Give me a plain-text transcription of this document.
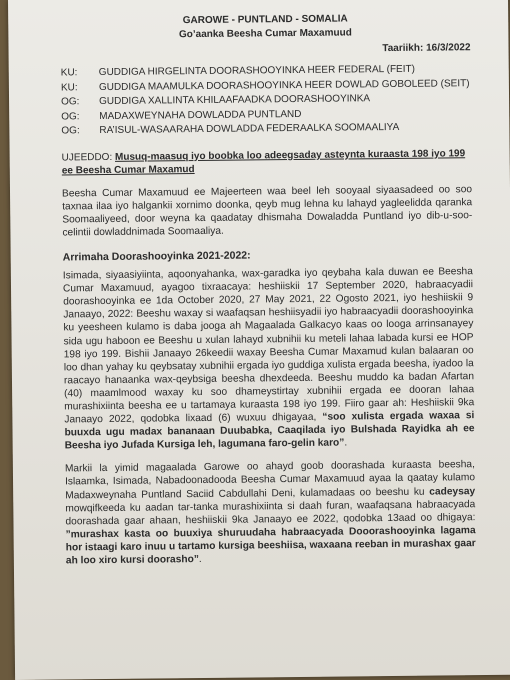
GAROWE - PUNTLAND - SOMALIA
Go’aanka Beesha Cumar Maxamuud
Taariikh: 16/3/2022
KU:	GUDDIGA HIRGELINTA DOORASHOOYINKA HEER FEDERAL (FEIT)
KU:	GUDDIGA MAAMULKA DOORASHOOYINKA HEER DOWLAD GOBOLEED (SEIT)
OG:	GUDDIGA XALLINTA KHILAAFAADKA DOORASHOOYINKA
OG:	MADAXWEYNAHA DOWLADDA PUNTLAND
OG:	RA’ISUL-WASAARAHA DOWLADDA FEDERAALKA SOOMAALIYA
UJEEDDO: Musuq-maasuq iyo boobka loo adeegsaday asteynta kuraasta 198 iyo 199 ee Beesha Cumar Maxamud

Beesha Cumar Maxamuud ee Majeerteen waa beel leh sooyaal siyaasadeed oo soo taxnaa ilaa iyo halgankii xornimo doonka, qeyb mug lehna ku lahayd yagleelidda qaranka Soomaaliyeed, door weyna ka qaadatay dhismaha Dowaladda Puntland iyo dib-u-soo-celintii dowladdnimada Soomaaliya.

Arrimaha Doorashooyinka 2021-2022:

Isimada, siyaasiyiinta, aqoonyahanka, wax-garadka iyo qeybaha kala duwan ee Beesha Cumar Maxamuud, ayagoo tixraacaya: heshiiskii 17 September 2020, habraacyadii doorashooyinka ee 1da October 2020, 27 May 2021, 22 Ogosto 2021, iyo heshiiskii 9 Janaayo, 2022: Beeshu waxay si waafaqsan heshiisyadii iyo habraacyadii doorashooyinka ku yeesheen kulamo is daba jooga ah Magaalada Galkacyo kaas oo looga arrinsanayey sida ugu haboon ee Beeshu u xulan lahayd xubnihii ku meteli lahaa labada kursi ee HOP 198 iyo 199. Bishii Janaayo 26keedii waxay Beesha Cumar Maxamud kulan balaaran oo loo dhan yahay ku qeybsatay xubnihii ergada iyo guddiga xulista ergada beesha, iyadoo la raacayo hanaanka wax-qeybsiga beesha dhexdeeda. Beeshu muddo ka badan Afartan (40) maamlmood waxay ku soo dhameystirtay xubnihii ergada ee dooran lahaa murashixiinta beesha ee u tartamaya kuraasta 198 iyo 199. Fiiro gaar ah: Heshiiskii 9ka Janaayo 2022, qodobka lixaad (6) wuxuu dhigayaa, “soo xulista ergada waxaa si buuxda ugu madax bananaan Duubabka, Caaqilada iyo Bulshada Rayidka ah ee Beesha iyo Jufada Kursiga leh, lagumana faro-gelin karo”.

Markii la yimid magaalada Garowe oo ahayd goob doorashada kuraasta beesha, Islaamka, Isimada, Nabadoonadooda Beesha Cumar Maxamuud ayaa la qaatay kulamo Madaxweynaha Puntland Saciid Cabdullahi Deni, kulamadaas oo beeshu ku cadeysay mowqifkeeda ku aadan tar-tanka murashixiinta si daah furan, waafaqsana habraacyada doorashada gaar ahaan, heshiiskii 9ka Janaayo ee 2022, qodobka 13aad oo dhigaya: ”murashax kasta oo buuxiya shuruudaha habraacyada Dooorashooyinka lagama hor istaagi karo inuu u tartamo kursiga beeshiisa, waxaana reeban in murashax gaar ah loo xiro kursi doorasho”.
